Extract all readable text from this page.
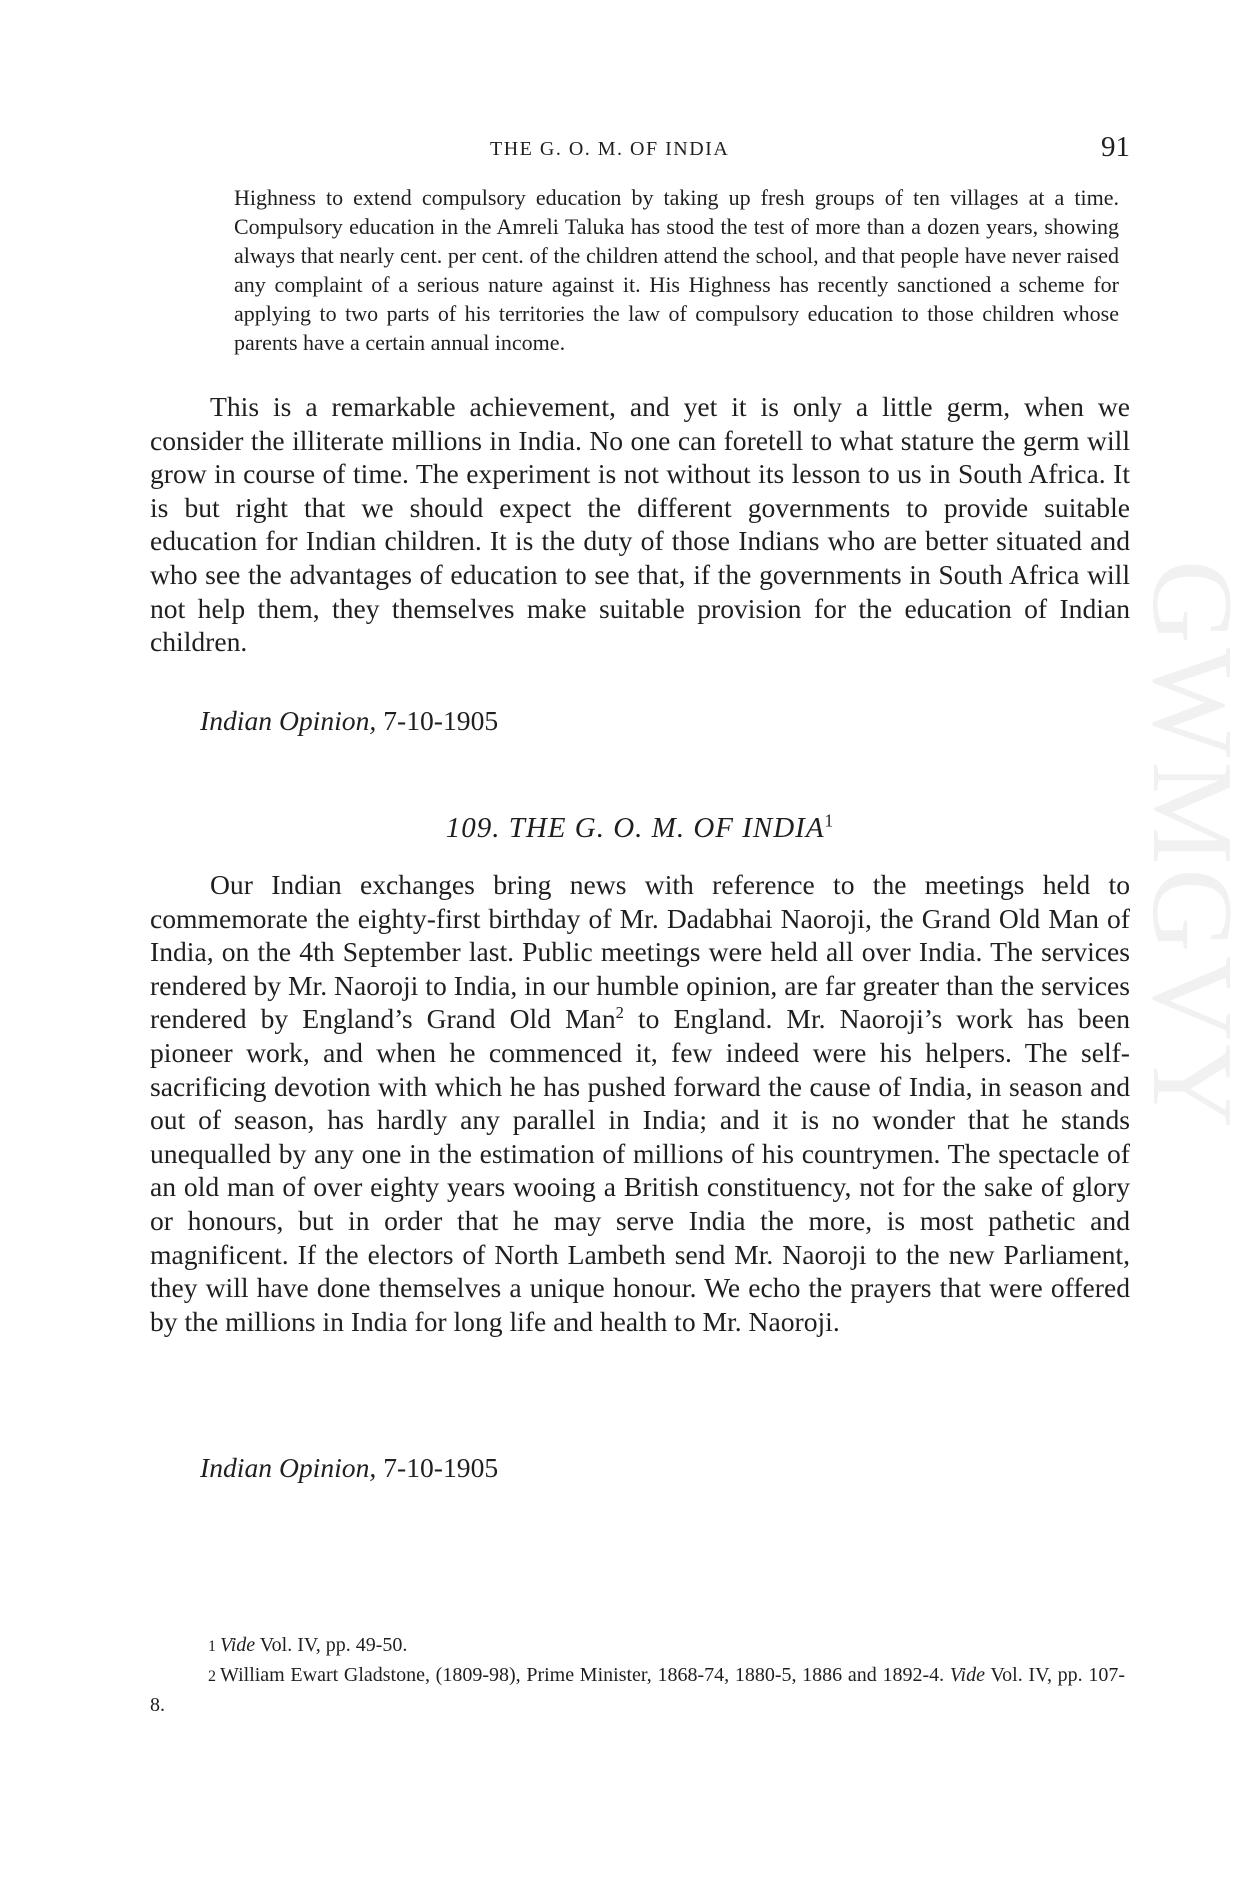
GWMGVY
THE G. O. M. OF INDIA	91
Highness to extend compulsory education by taking up fresh groups of ten villages at a time. Compulsory education in the Amreli Taluka has stood the test of more than a dozen years, showing always that nearly cent. per cent. of the children attend the school, and that people have never raised any complaint of a serious nature against it. His Highness has recently sanctioned a scheme for applying to two parts of his territories the law of compulsory education to those children whose parents have a certain annual income.

This is a remarkable achievement, and yet it is only a little germ, when we consider the illiterate millions in India. No one can foretell to what stature the germ will grow in course of time. The experiment is not without its lesson to us in South Africa. It is but right that we should expect the different governments to provide suitable education for Indian children. It is the duty of those Indians who are better situated and who see the advantages of education to see that, if the governments in South Africa will not help them, they themselves make suitable provision for the education of Indian children.

Indian Opinion, 7-10-1905
109. THE G. O. M. OF INDIA$^1$

Our Indian exchanges bring news with reference to the meetings held to commemorate the eighty-first birthday of Mr. Dadabhai Naoroji, the Grand Old Man of India, on the 4th September last. Public meetings were held all over India. The services rendered by Mr. Naoroji to India, in our humble opinion, are far greater than the services rendered by England’s Grand Old Man$^2$ to England. Mr. Naoroji’s work has been pioneer work, and when he commenced it, few indeed were his helpers. The self-sacrificing devotion with which he has pushed forward the cause of India, in season and out of season, has hardly any parallel in India; and it is no wonder that he stands unequalled by any one in the estimation of millions of his countrymen. The spectacle of an old man of over eighty years wooing a British constituency, not for the sake of glory or honours, but in order that he may serve India the more, is most pathetic and magnificent. If the electors of North Lambeth send Mr. Naoroji to the new Parliament, they will have done themselves a unique honour. We echo the prayers that were offered by the millions in India for long life and health to Mr. Naoroji.

Indian Opinion, 7-10-1905

1 Vide Vol. IV, pp. 49-50.

2 William Ewart Gladstone, (1809-98), Prime Minister, 1868-74, 1880-5, 1886 and 1892-4. Vide Vol. IV, pp. 107-8.
